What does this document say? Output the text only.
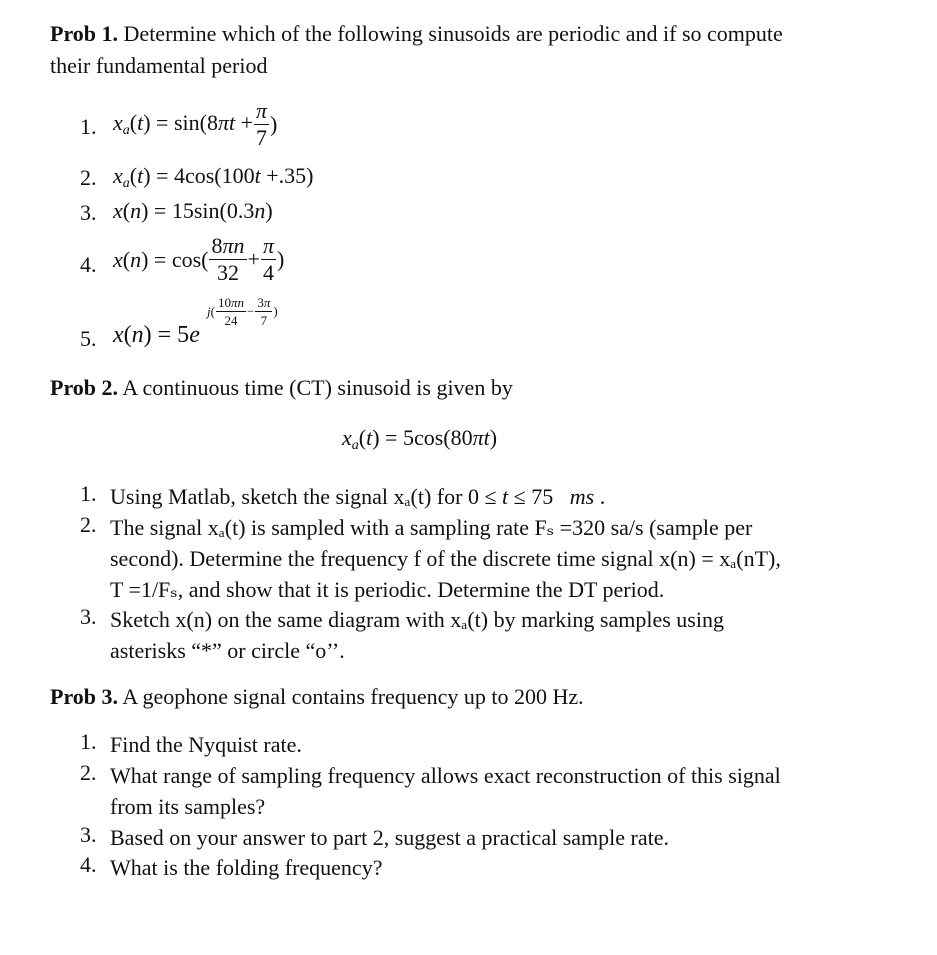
Prob 1. Determine which of the following sinusoids are periodic and if so compute
their fundamental period
1. $x_a(t) = \sin(8\pi t + \frac{\pi}{7}$ )
2. $x_a(t) = 4\cos(100t +.35)$
3. x(n) = 15sin(0.3n)
4. $x(n) = \cos( \frac{8\pi n}{32} + \frac{\pi}{4}$ )
5. x(n) = 5e
$j( \frac{10\pi n}{24} - \frac{3\pi}{7}$ )
Prob 2. A continuous time (CT) sinusoid is given by
$x_a(t) = 5\cos(80\pi t)$
1. Using Matlab, sketch the signal xₐ(t) for 0 ≤ t ≤ 75   ms .
2. The signal xₐ(t) is sampled with a sampling rate Fₛ =320 sa/s (sample per
second). Determine the frequency f of the discrete time signal x(n) = xₐ(nT),
T =1/Fₛ, and show that it is periodic. Determine the DT period.
3. Sketch x(n) on the same diagram with xₐ(t) by marking samples using
asterisks “*” or circle “o’’.
Prob 3. A geophone signal contains frequency up to 200 Hz.
1. Find the Nyquist rate.
2. What range of sampling frequency allows exact reconstruction of this signal
from its samples?
3. Based on your answer to part 2, suggest a practical sample rate.
4. What is the folding frequency?
